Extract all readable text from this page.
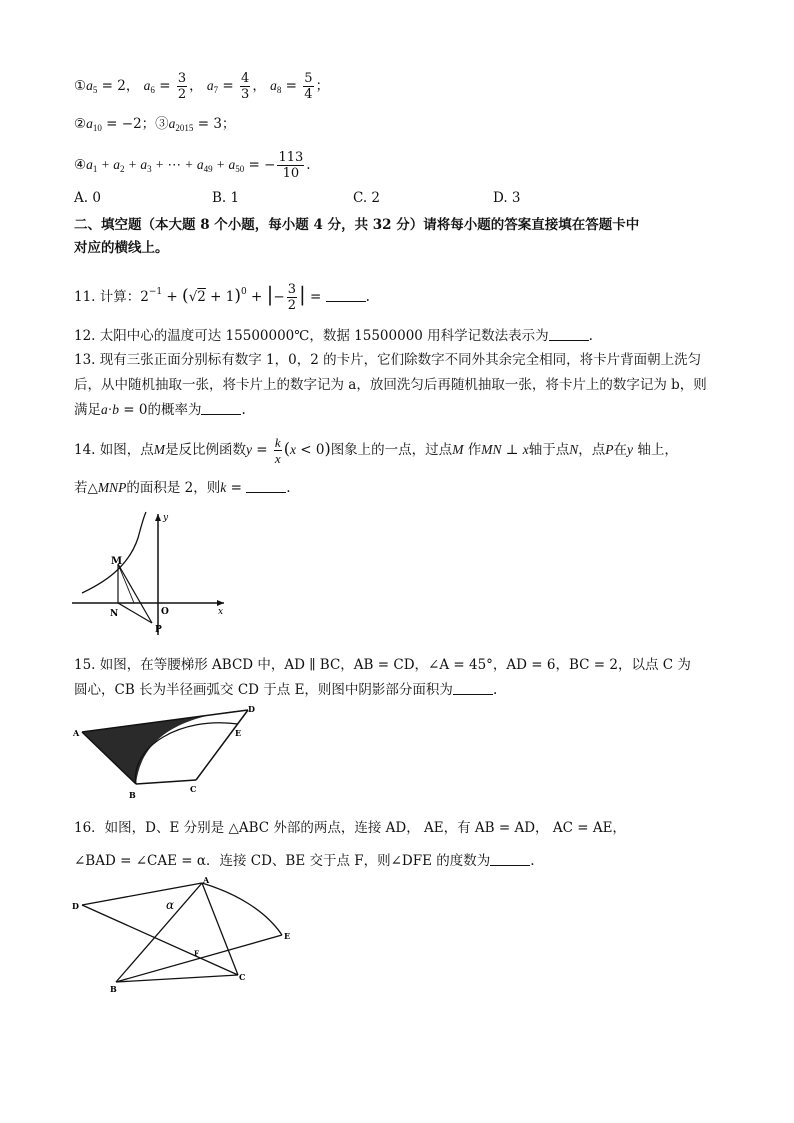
$①a_5 = 2$， $a_6 = \frac{3}{2}$ ， $a_7 = \frac{4}{3}$ ， $a_8 = \frac{5}{4}$ ；
$②a_{10} = -2$；$③a_{2015} = 3$；
$④a_1 + a_2 + a_3$ + ⋯ + $a_{49} + a_{50}$ = − $\frac{113}{10}$ .
A. 0	B. 1	C. 2	D. 3
二、填空题（本大题 8 个小题，每小题 4 分，共 32 分）请将每小题的答案直接填在答题卡中
对应的横线上。
11. 计算：$2^{-1} + (√2 + 1)^0$ + |− $\frac{3}{2}$ | =	.
12. 太阳中心的温度可达 15500000℃，数据 15500000 用科学记数法表示为	.
13. 现有三张正面分别标有数字 1，0，2 的卡片，它们除数字不同外其余完全相同，将卡片背面朝上洗匀
后，从中随机抽取一张，将卡片上的数字记为 a，放回洗匀后再随机抽取一张，将卡片上的数字记为 b，则
满足a·b = 0的概率为	.
14. 如图，点M是反比例函数$y = \frac{k}{x} (x < 0)$图象上的一点，过点M 作MN ⊥ x轴于点N，点P在y 轴上，
若△MNP的面积是 2，则k =	.
M
N	O
P
x
y
15. 如图，在等腰梯形 ABCD 中，AD ∥ BC，AB = CD，∠A = 45°，AD = 6，BC = 2，以点 C 为
圆心，CB 长为半径画弧交 CD 于点 E，则图中阴影部分面积为	.
A
B
C
D
E
16．如图，D、E 分别是 △ABC 外部的两点，连接 AD， AE，有 AB = AD， AC = AE，
∠BAD = ∠CAE = α．连接 CD、BE 交于点 F，则∠DFE 的度数为	.
A
B
C
D
E
F
α
